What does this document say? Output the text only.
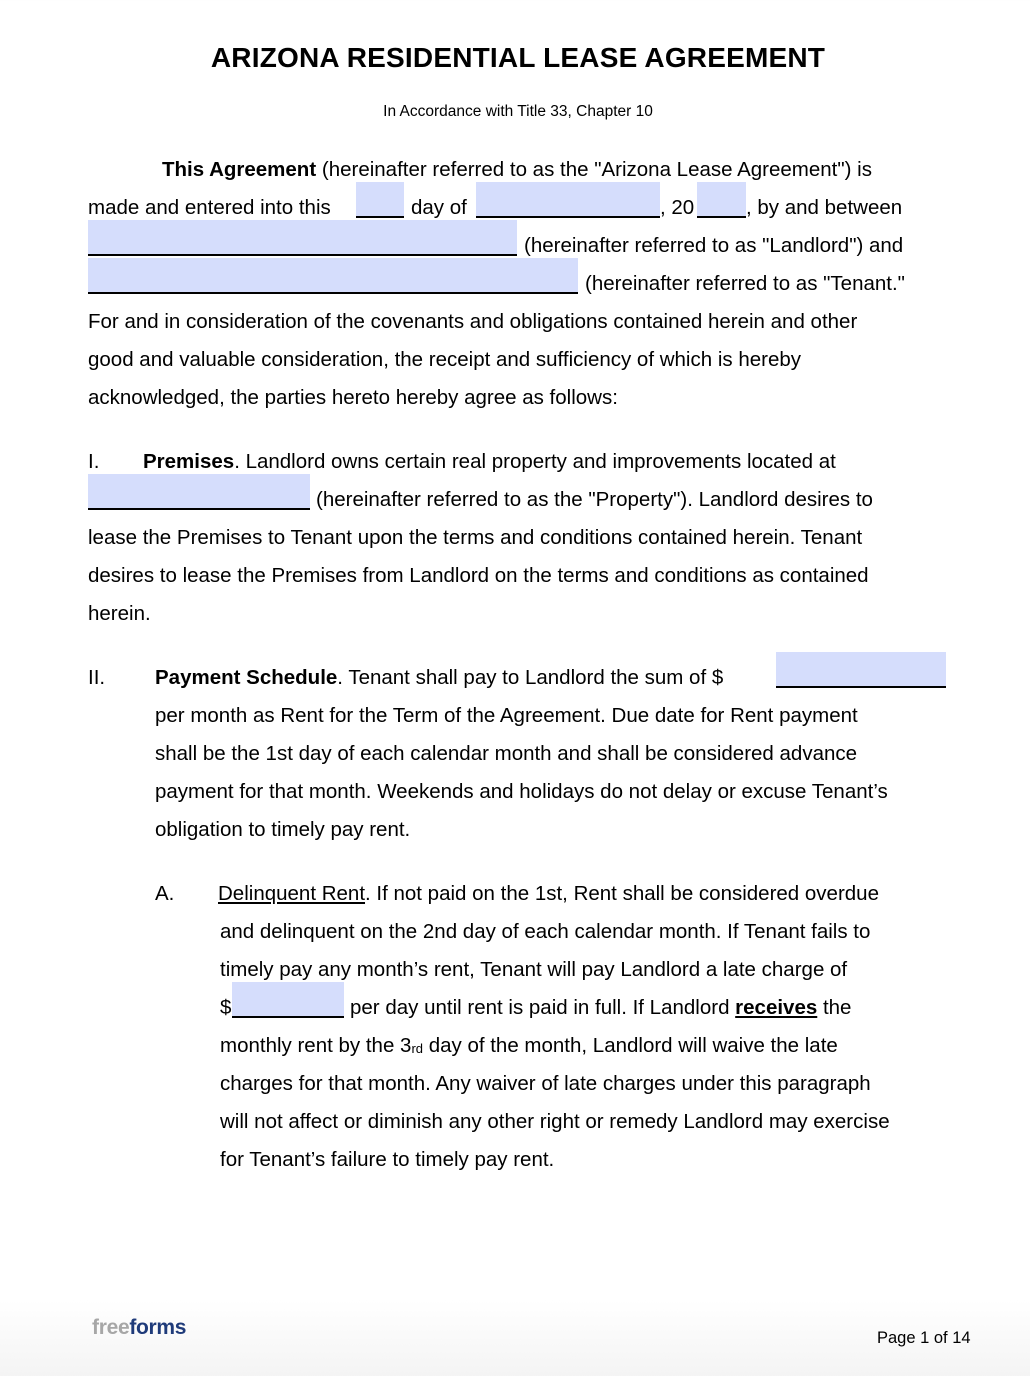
ARIZONA RESIDENTIAL LEASE AGREEMENT
In Accordance with Title 33, Chapter 10
This Agreement (hereinafter referred to as the "Arizona Lease Agreement") is
made and entered into this	day of	, 20	, by and between
(hereinafter referred to as "Landlord") and
(hereinafter referred to as "Tenant."
For and in consideration of the covenants and obligations contained herein and other
good and valuable consideration, the receipt and sufficiency of which is hereby
acknowledged, the parties hereto hereby agree as follows:
I. Premises. Landlord owns certain real property and improvements located at
(hereinafter referred to as the "Property"). Landlord desires to
lease the Premises to Tenant upon the terms and conditions contained herein. Tenant
desires to lease the Premises from Landlord on the terms and conditions as contained
herein.
II. Payment Schedule. Tenant shall pay to Landlord the sum of $
per month as Rent for the Term of the Agreement. Due date for Rent payment
shall be the 1st day of each calendar month and shall be considered advance
payment for that month. Weekends and holidays do not delay or excuse Tenant’s
obligation to timely pay rent.
A. Delinquent Rent. If not paid on the 1st, Rent shall be considered overdue
and delinquent on the 2nd day of each calendar month. If Tenant fails to
timely pay any month’s rent, Tenant will pay Landlord a late charge of
$	per day until rent is paid in full. If Landlord receives the
monthly rent by the 3rd day of the month, Landlord will waive the late
charges for that month. Any waiver of late charges under this paragraph
will not affect or diminish any other right or remedy Landlord may exercise
for Tenant’s failure to timely pay rent.
freeforms	Page 1 of 14
